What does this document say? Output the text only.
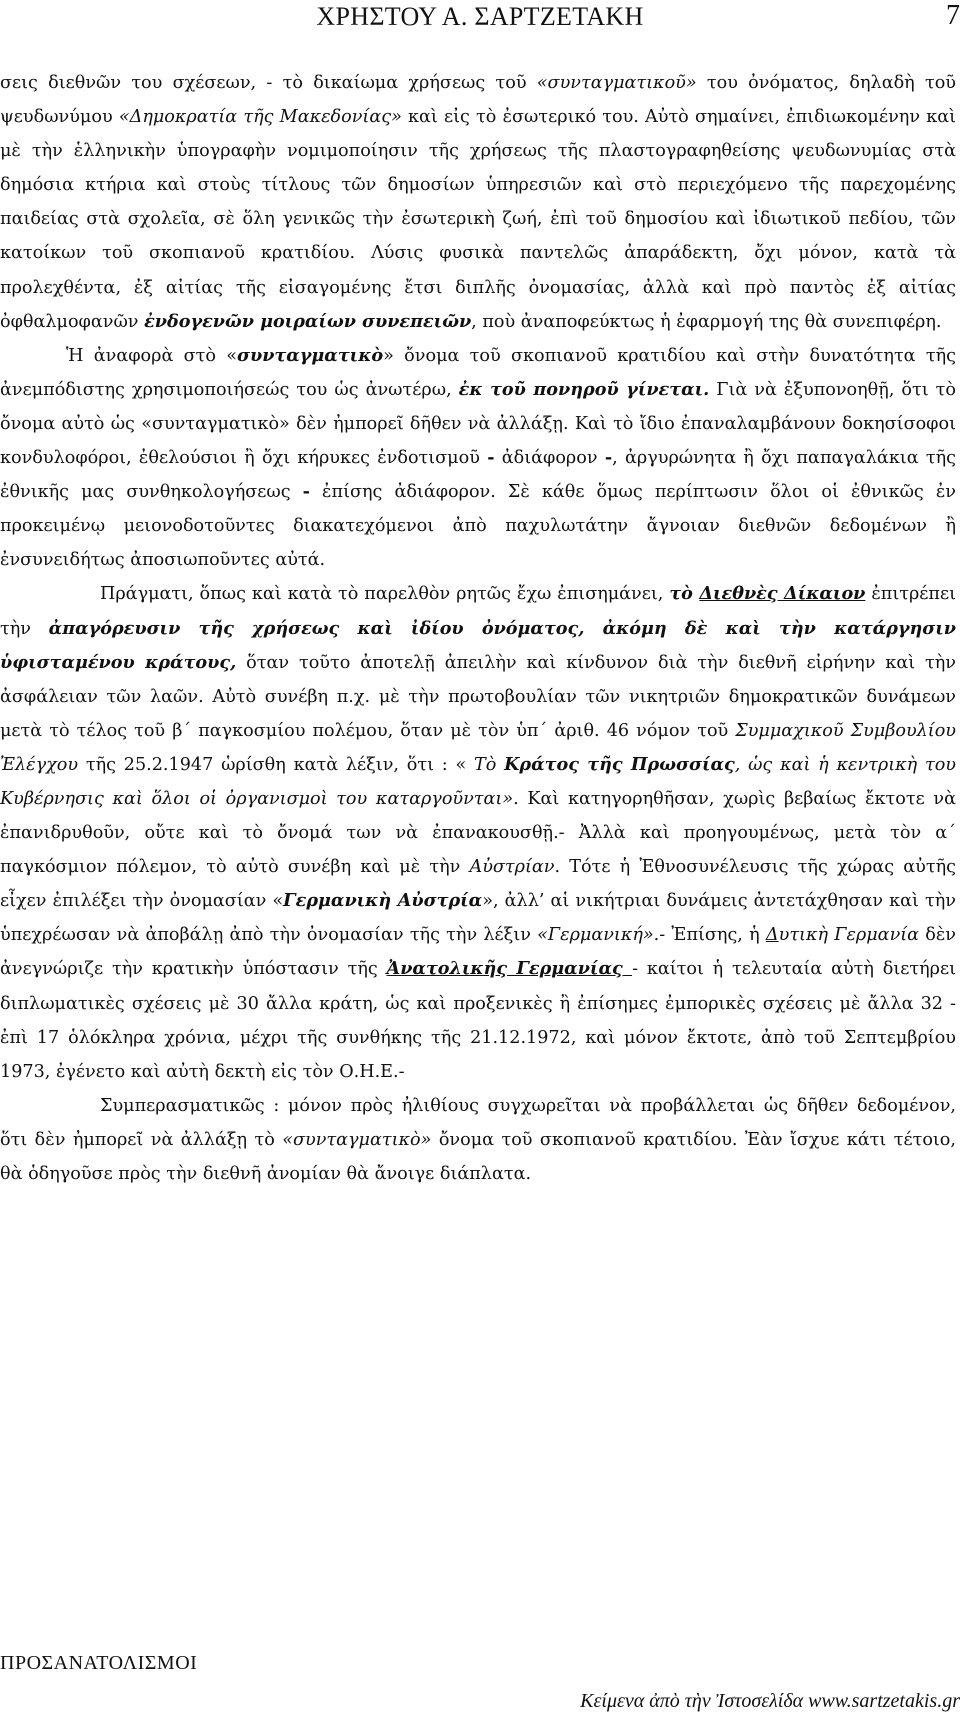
ΧΡΗΣΤΟΥ Α. ΣΑΡΤΖΕΤΑΚΗ	7

σεις διεθνῶν του σχέσεων, - τὸ δικαίωμα χρήσεως τοῦ «συνταγματικοῦ» του ὀνόματος, δηλαδὴ τοῦ ψευδωνύμου «Δημοκρατία τῆς Μακεδονίας» καὶ εἰς τὸ ἐσωτερικό του. Αὐτὸ σημαίνει, ἐπιδιωκομένην καὶ μὲ τὴν ἑλληνικὴν ὑπογραφὴν νομιμοποίησιν τῆς χρήσεως τῆς πλαστογραφηθείσης ψευδωνυμίας στὰ δημόσια κτήρια καὶ στοὺς τίτλους τῶν δημοσίων ὑπηρεσιῶν καὶ στὸ περιεχόμενο τῆς παρεχομένης παιδείας στὰ σχολεῖα, σὲ ὅλη γενικῶς τὴν ἐσωτερικὴ ζωή, ἐπὶ τοῦ δημοσίου καὶ ἰδιωτικοῦ πεδίου, τῶν κατοίκων τοῦ σκοπιανοῦ κρατιδίου. Λύσις φυσικὰ παντελῶς ἀπαράδεκτη, ὄχι μόνον, κατὰ τὰ προλεχθέντα, ἐξ αἰτίας τῆς εἰσαγομένης ἔτσι διπλῆς ὀνομασίας, ἀλλὰ καὶ πρὸ παντὸς ἐξ αἰτίας ὀφθαλμοφανῶν ἐνδογενῶν μοιραίων συνεπειῶν, ποὺ ἀναποφεύκτως ἡ ἐφαρμογή της θὰ συνεπιφέρη.

Ἡ ἀναφορὰ στὸ «συνταγματικὸ» ὄνομα τοῦ σκοπιανοῦ κρατιδίου καὶ στὴν δυνατότητα τῆς ἀνεμπόδιστης χρησιμοποιήσεώς του ὡς ἀνωτέρω, ἐκ τοῦ πονηροῦ γίνεται. Γιὰ νὰ ἐξυπονοηθῇ, ὅτι τὸ ὄνομα αὐτὸ ὡς «συνταγματικὸ» δὲν ἠμπορεῖ δῆθεν νὰ ἀλλάξῃ. Καὶ τὸ ἴδιο ἐπαναλαμβάνουν δοκησίσοφοι κονδυλοφόροι, ἐθελούσιοι ἢ ὄχι κήρυκες ἐνδοτισμοῦ - ἀδιάφορον -, ἀργυρώνητα ἢ ὄχι παπαγαλάκια τῆς ἐθνικῆς μας συνθηκολογήσεως - ἐπίσης ἀδιάφορον. Σὲ κάθε ὅμως περίπτωσιν ὅλοι οἱ ἐθνικῶς ἐν προκειμένῳ μειονοδοτοῦντες διακατεχόμενοι ἀπὸ παχυλωτάτην ἄγνοιαν διεθνῶν δεδομένων ἢ ἐνσυνειδήτως ἀποσιωποῦντες αὐτά.

Πράγματι, ὅπως καὶ κατὰ τὸ παρελθὸν ρητῶς ἔχω ἐπισημάνει, τὸ Διεθνὲς Δίκαιον ἐπιτρέπει τὴν ἀπαγόρευσιν τῆς χρήσεως καὶ ἰδίου ὀνόματος, ἀκόμη δὲ καὶ τὴν κατάργησιν ὑφισταμένου κράτους, ὅταν τοῦτο ἀποτελῇ ἀπειλὴν καὶ κίνδυνον διὰ τὴν διεθνῆ εἰρήνην καὶ τὴν ἀσφάλειαν τῶν λαῶν. Αὐτὸ συνέβη π.χ. μὲ τὴν πρωτοβουλίαν τῶν νικητριῶν δημοκρατικῶν δυνάμεων μετὰ τὸ τέλος τοῦ β΄ παγκοσμίου πολέμου, ὅταν μὲ τὸν ὑπ΄ ἀριθ. 46 νόμον τοῦ Συμμαχικοῦ Συμβουλίου Ἐλέγχου τῆς 25.2.1947 ὡρίσθη κατὰ λέξιν, ὅτι : « Τὸ Κράτος τῆς Πρωσσίας, ὡς καὶ ἡ κεντρικὴ του Κυβέρνησις καὶ ὅλοι οἱ ὀργανισμοὶ του καταργοῦνται». Καὶ κατηγορηθῆσαν, χωρὶς βεβαίως ἔκτοτε νὰ ἐπανιδρυθοῦν, οὔτε καὶ τὸ ὄνομά των νὰ ἐπανακουσθῇ.- Ἀλλὰ καὶ προηγουμένως, μετὰ τὸν α΄ παγκόσμιον πόλεμον, τὸ αὐτὸ συνέβη καὶ μὲ τὴν Αὐστρίαν. Τότε ἡ Ἐθνοσυνέλευσις τῆς χώρας αὐτῆς εἶχεν ἐπιλέξει τὴν ὀνομασίαν «Γερμανικὴ Αὐστρία», ἀλλ’ αἱ νικήτριαι δυνάμεις ἀντετάχθησαν καὶ τὴν ὑπεχρέωσαν νὰ ἀποβάλῃ ἀπὸ τὴν ὀνομασίαν τῆς τὴν λέξιν «Γερμανική».- Ἐπίσης, ἡ Δυτικὴ Γερμανία δὲν ἀνεγνώριζε τὴν κρατικὴν ὑπόστασιν τῆς Ἀνατολικῆς Γερμανίας - καίτοι ἡ τελευταία αὐτὴ διετήρει διπλωματικὲς σχέσεις μὲ 30 ἄλλα κράτη, ὡς καὶ προξενικὲς ἢ ἐπίσημες ἐμπορικὲς σχέσεις μὲ ἄλλα 32 - ἐπὶ 17 ὁλόκληρα χρόνια, μέχρι τῆς συνθήκης τῆς 21.12.1972, καὶ μόνον ἔκτοτε, ἀπὸ τοῦ Σεπτεμβρίου 1973, ἐγένετο καὶ αὐτὴ δεκτὴ εἰς τὸν Ο.Η.Ε.-

Συμπερασματικῶς : μόνον πρὸς ἠλιθίους συγχωρεῖται νὰ προβάλλεται ὡς δῆθεν δεδομένον, ὅτι δὲν ἠμπορεῖ νὰ ἀλλάξῃ τὸ «συνταγματικὸ» ὄνομα τοῦ σκοπιανοῦ κρατιδίου. Ἐὰν ἴσχυε κάτι τέτοιο, θὰ ὁδηγοῦσε πρὸς τὴν διεθνῆ ἀνομίαν θὰ ἄνοιγε διάπλατα.

ΠΡΟΣΑΝΑΤΟΛΙΣΜΟΙ
Κείμενα ἀπὸ τὴν Ἰστοσελίδα www.sartzetakis.gr
